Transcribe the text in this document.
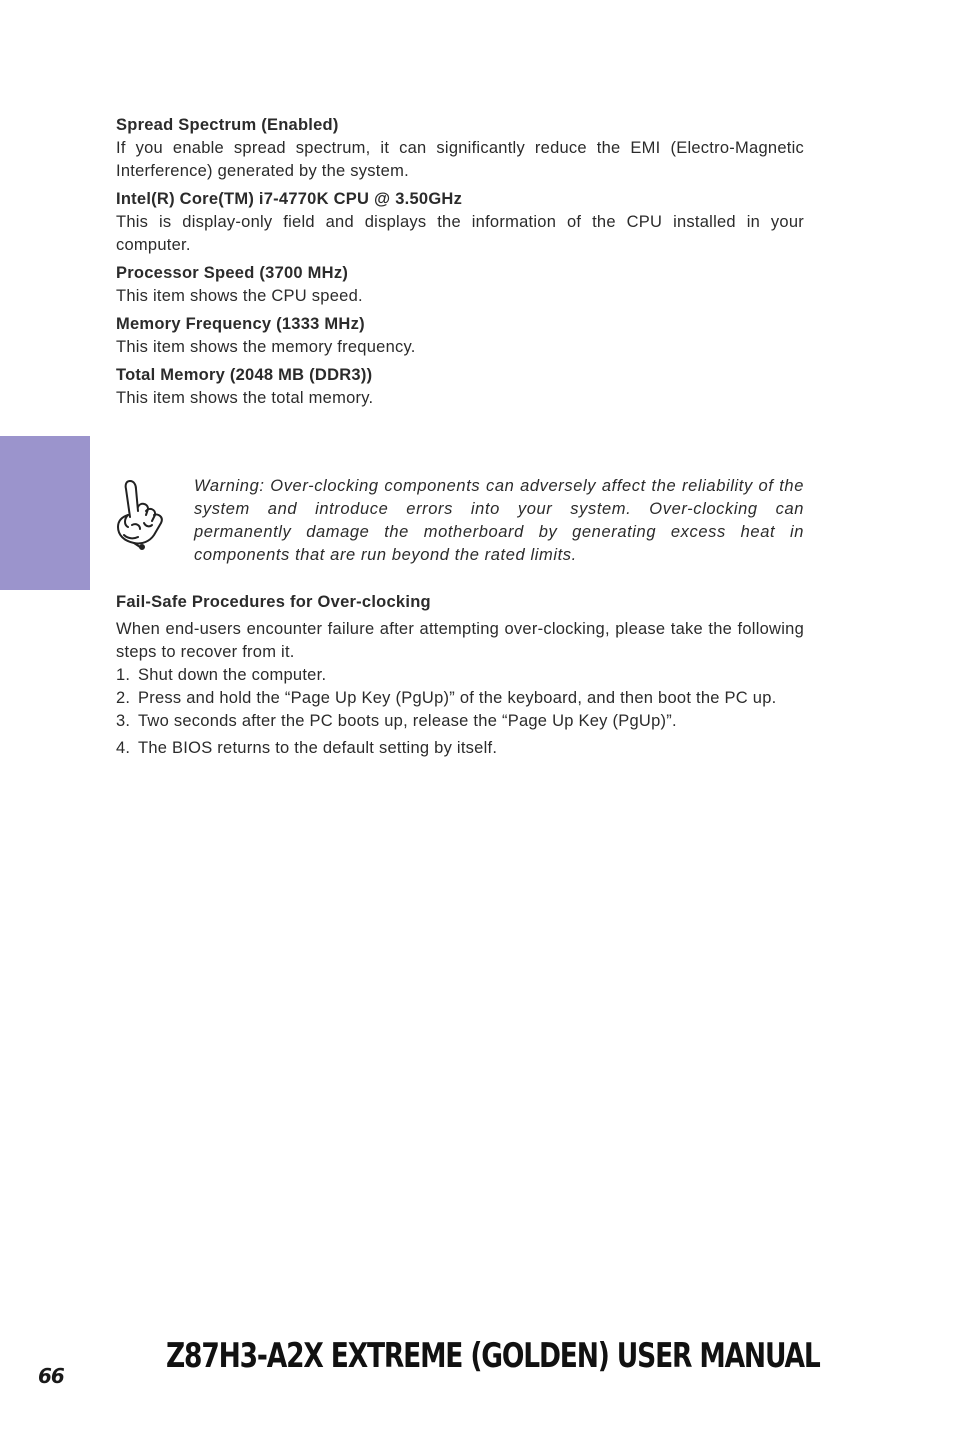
Spread Spectrum (Enabled)

If you enable spread spectrum, it can significantly reduce the EMI (Electro-Magnetic Interference) generated by the system.

Intel(R) Core(TM) i7-4770K CPU @ 3.50GHz

This is display-only field and displays the information of the CPU installed in your computer.

Processor Speed (3700 MHz)

This item shows the CPU speed.

Memory Frequency (1333 MHz)

This item shows the memory frequency.

Total Memory (2048 MB (DDR3))

This item shows the total memory.

Warning: Over-clocking components can adversely affect the reliability of the system and introduce errors into your system. Over-clocking can permanently damage the motherboard by generating excess heat in components that are run beyond the rated limits.

Fail-Safe Procedures for Over-clocking

When end-users encounter failure after attempting over-clocking, please take the following steps to recover from it.

1. Shut down the computer.
2. Press and hold the “Page Up Key (PgUp)” of the keyboard, and then boot the PC up.
3. Two seconds after the PC boots up, release the “Page Up Key (PgUp)”.
4. The BIOS returns to the default setting by itself.
66	Z87H3-A2X EXTREME (GOLDEN) USER MANUAL
